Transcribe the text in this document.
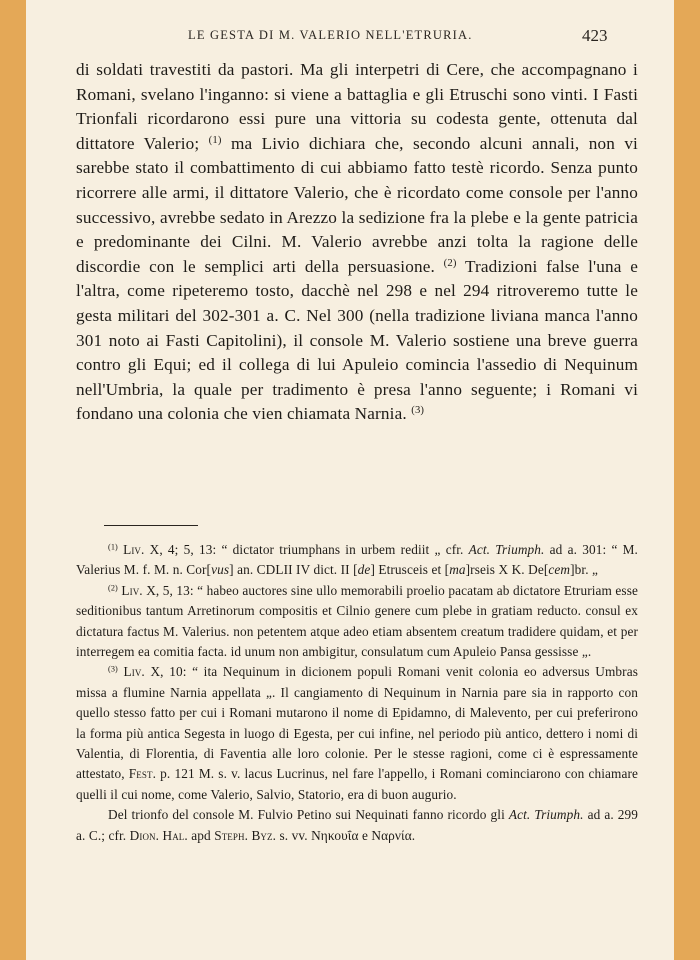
LE GESTA DI M. VALERIO NELL'ETRURIA.	423

di soldati travestiti da pastori. Ma gli interpetri di Cere, che accompagnano i Romani, svelano l'inganno: si viene a battaglia e gli Etruschi sono vinti. I Fasti Trionfali ricordarono essi pure una vittoria su codesta gente, ottenuta dal dittatore Valerio; $^{(1)}$ ma Livio dichiara che, secondo alcuni annali, non vi sarebbe stato il combattimento di cui abbiamo fatto testè ricordo. Senza punto ricorrere alle armi, il dittatore Valerio, che è ricordato come console per l'anno successivo, avrebbe sedato in Arezzo la sedizione fra la plebe e la gente patricia e predominante dei Cilni. M. Valerio avrebbe anzi tolta la ragione delle discordie con le semplici arti della persuasione. $^{(2)}$ Tradizioni false l'una e l'altra, come ripeteremo tosto, dacchè nel 298 e nel 294 ritroveremo tutte le gesta militari del 302-301 a. C. Nel 300 (nella tradizione liviana manca l'anno 301 noto ai Fasti Capitolini), il console M. Valerio sostiene una breve guerra contro gli Equi; ed il collega di lui Apuleio comincia l'assedio di Nequinum nell'Umbria, la quale per tradimento è presa l'anno seguente; i Romani vi fondano una colonia che vien chiamata Narnia. $^{(3)}$

$^{(1)}$ Liv. X, 4; 5, 13: “ dictator triumphans in urbem rediit „ cfr. Act. Triumph. ad a. 301: “ M. Valerius M. f. M. n. Cor[vus] an. CDLII IV dict. II [de] Etrusceis et [ma]rseis X K. De[cem]br. „

$^{(2)}$ Liv. X, 5, 13: “ habeo auctores sine ullo memorabili proelio pacatam ab dictatore Etruriam esse seditionibus tantum Arretinorum compositis et Cilnio genere cum plebe in gratiam reducto. consul ex dictatura factus M. Valerius. non petentem atque adeo etiam absentem creatum tradidere quidam, et per interregem ea comitia facta. id unum non ambigitur, consulatum cum Apuleio Pansa gessisse „.

$^{(3)}$ Liv. X, 10: “ ita Nequinum in dicionem populi Romani venit colonia eo adversus Umbras missa a flumine Narnia appellata „. Il cangiamento di Nequinum in Narnia pare sia in rapporto con quello stesso fatto per cui i Romani mutarono il nome di Epidamno, di Malevento, per cui preferirono la forma più antica Segesta in luogo di Egesta, per cui infine, nel periodo più antico, dettero i nomi di Valentia, di Florentia, di Faventia alle loro colonie. Per le stesse ragioni, come ci è espressamente attestato, Fest. p. 121 M. s. v. lacus Lucrinus, nel fare l'appello, i Romani cominciarono con chiamare quelli il cui nome, come Valerio, Salvio, Statorio, era di buon augurio.

Del trionfo del console M. Fulvio Petino sui Nequinati fanno ricordo gli Act. Triumph. ad a. 299 a. C.; cfr. Dion. Hal. apd Steph. Byz. s. vv. Νηκουΐα e Ναρνία.
